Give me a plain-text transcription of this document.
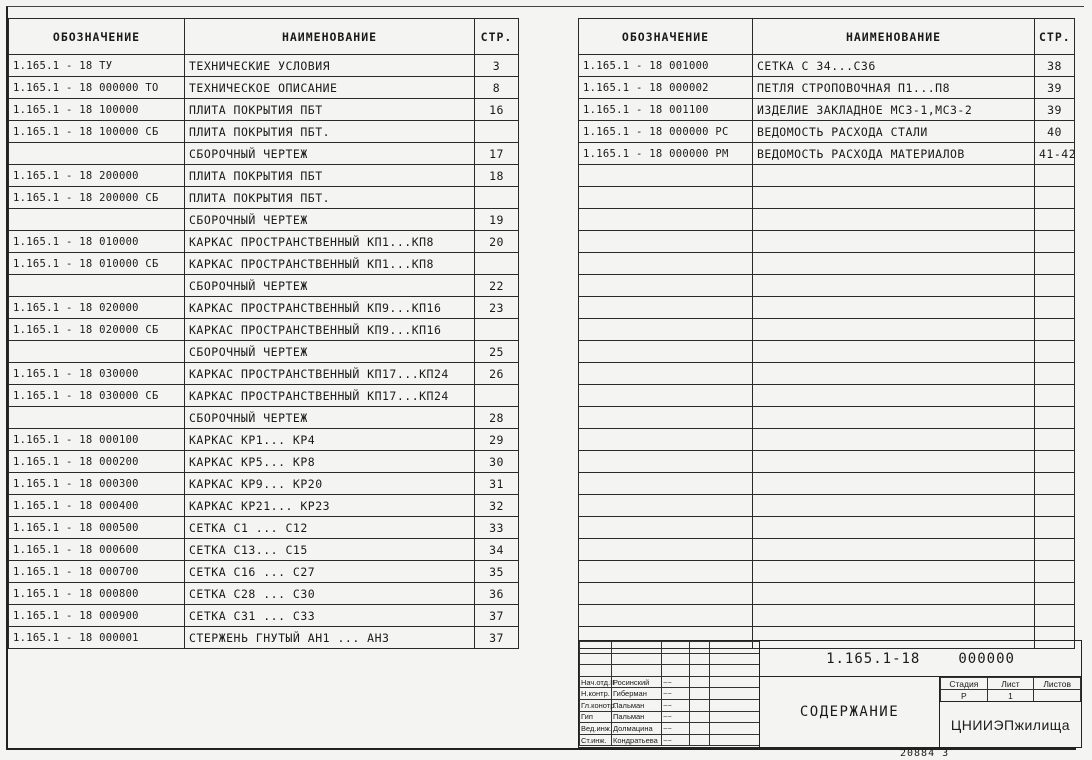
ОБОЗНАЧЕНИЕ	НАИМЕНОВАНИЕ	СТР.
1.165.1 - 18 ТУ	ТЕХНИЧЕСКИЕ УСЛОВИЯ	3
1.165.1 - 18 000000 ТО	ТЕХНИЧЕСКОЕ ОПИСАНИЕ	8
1.165.1 - 18 100000	ПЛИТА ПОКРЫТИЯ ПБТ	16
1.165.1 - 18 100000 СБ	ПЛИТА ПОКРЫТИЯ ПБТ.	
	СБОРОЧНЫЙ ЧЕРТЕЖ	17
1.165.1 - 18 200000	ПЛИТА ПОКРЫТИЯ ПБТ	18
1.165.1 - 18 200000 СБ	ПЛИТА ПОКРЫТИЯ ПБТ.	
	СБОРОЧНЫЙ ЧЕРТЕЖ	19
1.165.1 - 18 010000	КАРКАС ПРОСТРАНСТВЕННЫЙ КП1...КП8	20
1.165.1 - 18 010000 СБ	КАРКАС ПРОСТРАНСТВЕННЫЙ КП1...КП8	
	СБОРОЧНЫЙ ЧЕРТЕЖ	22
1.165.1 - 18 020000	КАРКАС ПРОСТРАНСТВЕННЫЙ КП9...КП16	23
1.165.1 - 18 020000 СБ	КАРКАС ПРОСТРАНСТВЕННЫЙ КП9...КП16	
	СБОРОЧНЫЙ ЧЕРТЕЖ	25
1.165.1 - 18 030000	КАРКАС ПРОСТРАНСТВЕННЫЙ КП17...КП24	26
1.165.1 - 18 030000 СБ	КАРКАС ПРОСТРАНСТВЕННЫЙ КП17...КП24	
	СБОРОЧНЫЙ ЧЕРТЕЖ	28
1.165.1 - 18 000100	КАРКАС КР1... КР4	29
1.165.1 - 18 000200	КАРКАС КР5... КР8	30
1.165.1 - 18 000300	КАРКАС КР9... КР20	31
1.165.1 - 18 000400	КАРКАС КР21... КР23	32
1.165.1 - 18 000500	СЕТКА С1 ... С12	33
1.165.1 - 18 000600	СЕТКА С13... С15	34
1.165.1 - 18 000700	СЕТКА С16 ... С27	35
1.165.1 - 18 000800	СЕТКА С28 ... С30	36
1.165.1 - 18 000900	СЕТКА С31 ... С33	37
1.165.1 - 18 000001	СТЕРЖЕНЬ ГНУТЫЙ АН1 ... АН3	37
ОБОЗНАЧЕНИЕ	НАИМЕНОВАНИЕ	СТР.
1.165.1 - 18 001000	СЕТКА С 34...С36	38
1.165.1 - 18 000002	ПЕТЛЯ СТРОПОВОЧНАЯ П1...П8	39
1.165.1 - 18 001100	ИЗДЕЛИЕ ЗАКЛАДНОЕ МС3-1,МС3-2	39
1.165.1 - 18 000000 РС	ВЕДОМОСТЬ РАСХОДА СТАЛИ	40
1.165.1 - 18 000000 РМ	ВЕДОМОСТЬ РАСХОДА МАТЕРИАЛОВ	41-42

Нач.отд.II	Росинский	~~		
Н.контр.	Гиберман	~~		
Гл.конотр.	Пальман	~~		
Гип	Пальман	~~		
Вед.инж.	Долмацина	~~		
Ст.инж.	Кондратьева	~~		
1.165.1-18	000000
СОДЕРЖАНИЕ
Стадия	Лист	Листов
Р	1	
ЦНИИЭПжилища
20884 3
